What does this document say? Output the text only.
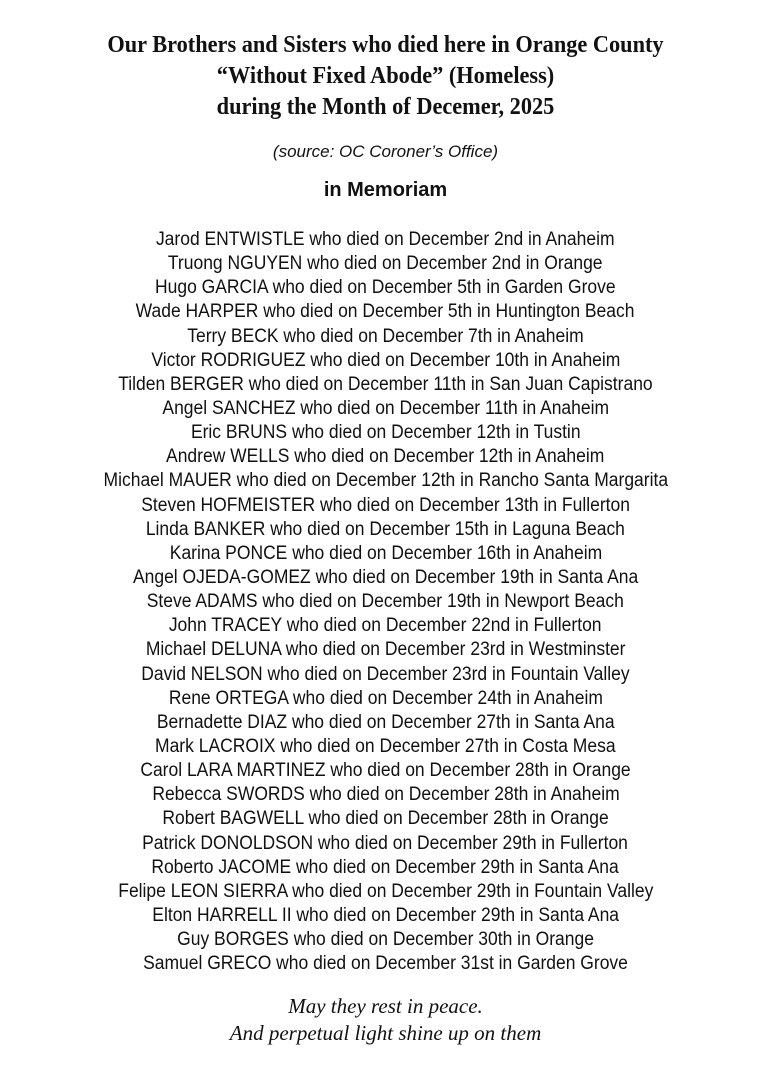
Our Brothers and Sisters who died here in Orange County
“Without Fixed Abode” (Homeless)
during the Month of Decemer, 2025
(source: OC Coroner’s Office)
in Memoriam
Jarod ENTWISTLE who died on December 2nd in Anaheim
Truong NGUYEN who died on December 2nd in Orange
Hugo GARCIA who died on December 5th in Garden Grove
Wade HARPER who died on December 5th in Huntington Beach
Terry BECK who died on December 7th in Anaheim
Victor RODRIGUEZ who died on December 10th in Anaheim
Tilden BERGER who died on December 11th in San Juan Capistrano
Angel SANCHEZ who died on December 11th in Anaheim
Eric BRUNS who died on December 12th in Tustin
Andrew WELLS who died on December 12th in Anaheim
Michael MAUER who died on December 12th in Rancho Santa Margarita
Steven HOFMEISTER who died on December 13th in Fullerton
Linda BANKER who died on December 15th in Laguna Beach
Karina PONCE who died on December 16th in Anaheim
Angel OJEDA-GOMEZ who died on December 19th in Santa Ana
Steve ADAMS who died on December 19th in Newport Beach
John TRACEY who died on December 22nd in Fullerton
Michael DELUNA who died on December 23rd in Westminster
David NELSON who died on December 23rd in Fountain Valley
Rene ORTEGA who died on December 24th in Anaheim
Bernadette DIAZ who died on December 27th in Santa Ana
Mark LACROIX who died on December 27th in Costa Mesa
Carol LARA MARTINEZ who died on December 28th in Orange
Rebecca SWORDS who died on December 28th in Anaheim
Robert BAGWELL who died on December 28th in Orange
Patrick DONOLDSON who died on December 29th in Fullerton
Roberto JACOME who died on December 29th in Santa Ana
Felipe LEON SIERRA who died on December 29th in Fountain Valley
Elton HARRELL II who died on December 29th in Santa Ana
Guy BORGES who died on December 30th in Orange
Samuel GRECO who died on December 31st in Garden Grove
May they rest in peace.
And perpetual light shine up on them
